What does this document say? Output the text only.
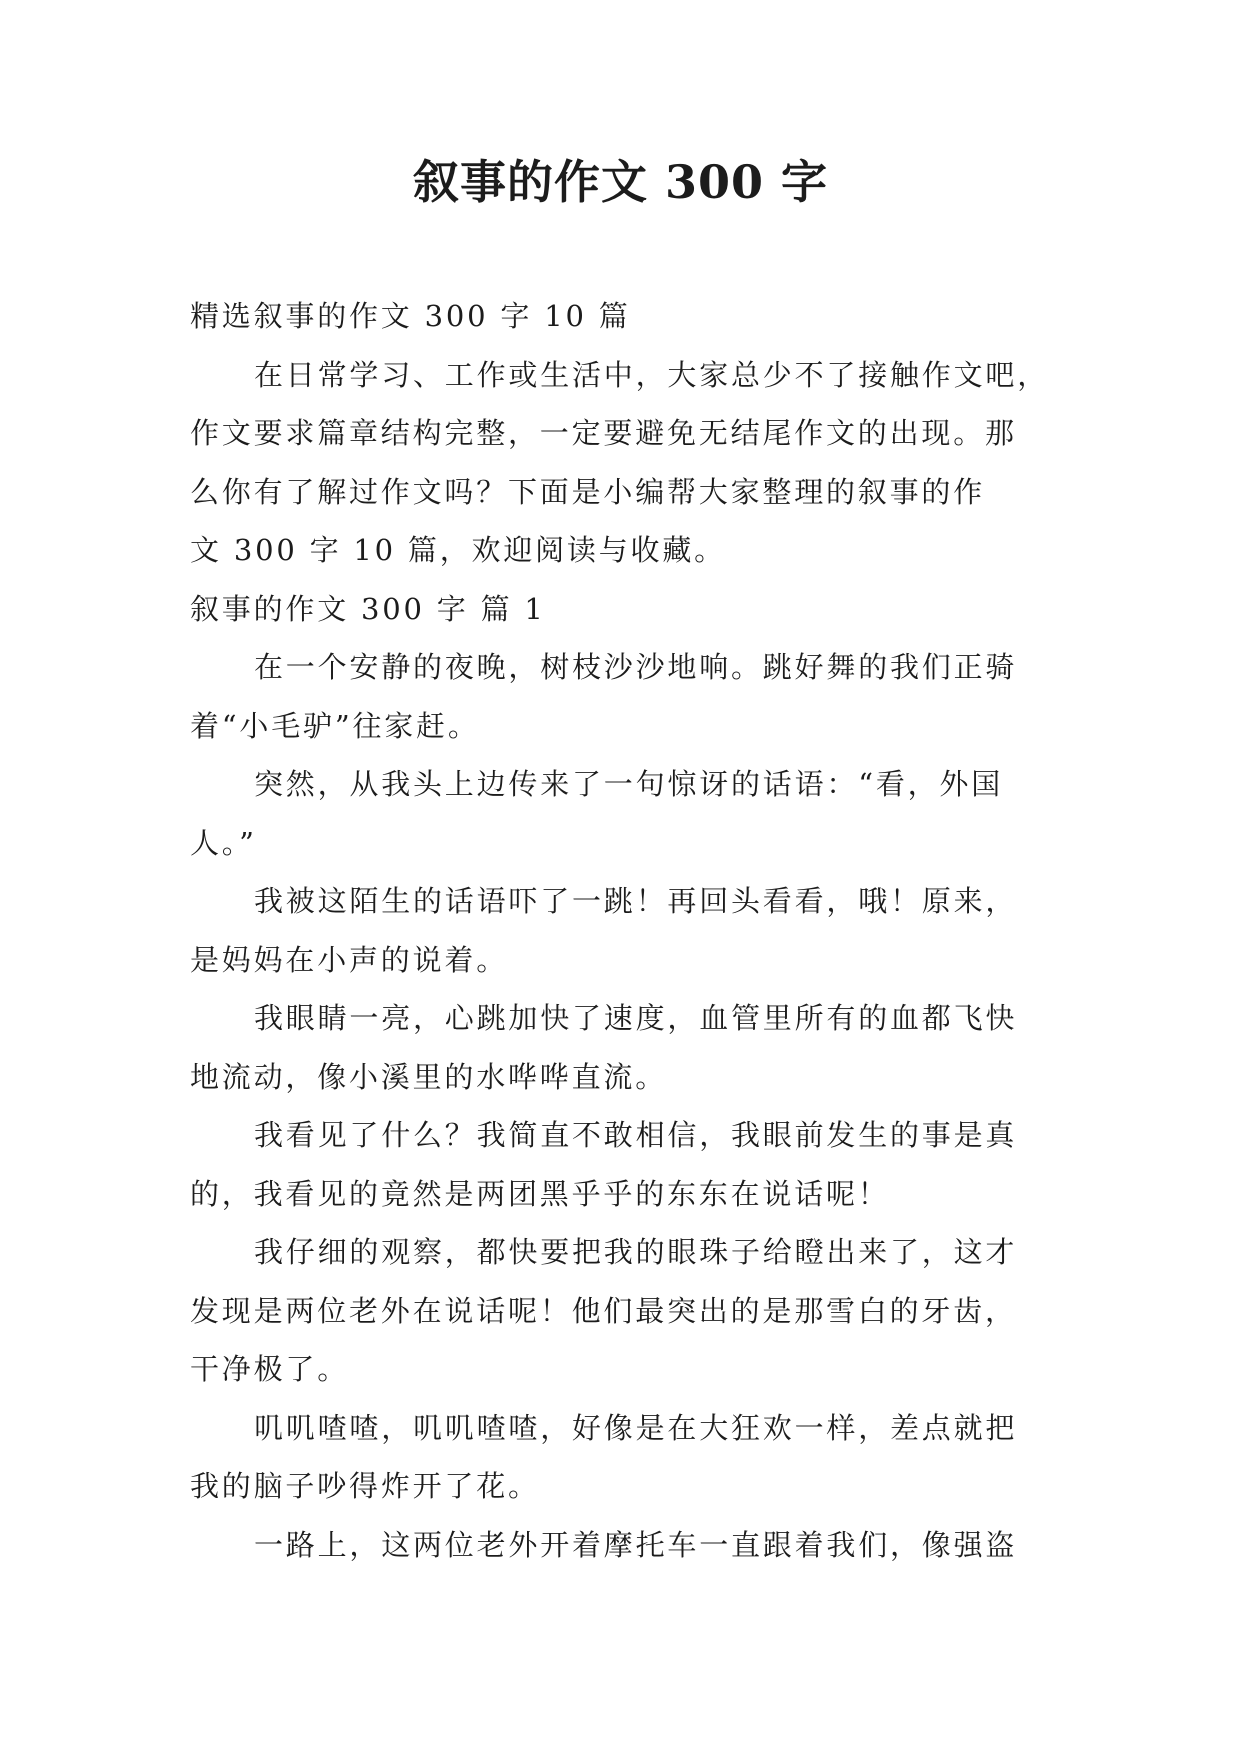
叙事的作文 300 字
精选叙事的作文 300 字 10 篇
在日常学习、工作或生活中，大家总少不了接触作文吧，
作文要求篇章结构完整，一定要避免无结尾作文的出现。那
么你有了解过作文吗？下面是小编帮大家整理的叙事的作
文 300 字 10 篇，欢迎阅读与收藏。
叙事的作文 300 字 篇 1
在一个安静的夜晚，树枝沙沙地响。跳好舞的我们正骑
着“小毛驴”往家赶。
突然，从我头上边传来了一句惊讶的话语：“看，外国
人。”
我被这陌生的话语吓了一跳！再回头看看，哦！原来，
是妈妈在小声的说着。
我眼睛一亮，心跳加快了速度，血管里所有的血都飞快
地流动，像小溪里的水哗哗直流。
我看见了什么？我简直不敢相信，我眼前发生的事是真
的，我看见的竟然是两团黑乎乎的东东在说话呢！
我仔细的观察，都快要把我的眼珠子给瞪出来了，这才
发现是两位老外在说话呢！他们最突出的是那雪白的牙齿，
干净极了。
叽叽喳喳，叽叽喳喳，好像是在大狂欢一样，差点就把
我的脑子吵得炸开了花。
一路上，这两位老外开着摩托车一直跟着我们，像强盗
